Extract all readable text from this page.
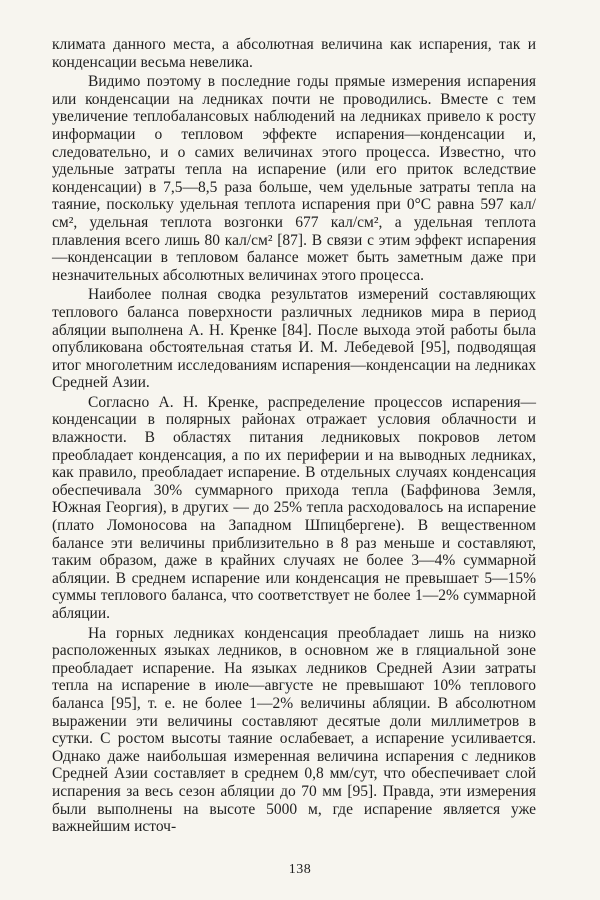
климата данного места, а абсолютная величина как испарения, так и конденсации весьма невелика.

Видимо поэтому в последние годы прямые измерения испарения или конденсации на ледниках почти не проводились. Вместе с тем увеличение теплобалансовых наблюдений на ледниках привело к росту информации о тепловом эффекте испарения—конденсации и, следовательно, и о самих величинах этого процесса. Известно, что удельные затраты тепла на испарение (или его приток вследствие конденсации) в 7,5—8,5 раза больше, чем удельные затраты тепла на таяние, поскольку удельная теплота испарения при 0°С равна 597 кал/см², удельная теплота возгонки 677 кал/см², а удельная теплота плавления всего лишь 80 кал/см² [87]. В связи с этим эффект испарения—конденсации в тепловом балансе может быть заметным даже при незначительных абсолютных величинах этого процесса.

Наиболее полная сводка результатов измерений составляющих теплового баланса поверхности различных ледников мира в период абляции выполнена А. Н. Кренке [84]. После выхода этой работы была опубликована обстоятельная статья И. М. Лебедевой [95], подводящая итог многолетним исследованиям испарения—конденсации на ледниках Средней Азии.

Согласно А. Н. Кренке, распределение процессов испарения—конденсации в полярных районах отражает условия облачности и влажности. В областях питания ледниковых покровов летом преобладает конденсация, а по их периферии и на выводных ледниках, как правило, преобладает испарение. В отдельных случаях конденсация обеспечивала 30% суммарного прихода тепла (Баффинова Земля, Южная Георгия), в других — до 25% тепла расходовалось на испарение (плато Ломоносова на Западном Шпицбергене). В вещественном балансе эти величины приблизительно в 8 раз меньше и составляют, таким образом, даже в крайних случаях не более 3—4% суммарной абляции. В среднем испарение или конденсация не превышает 5—15% суммы теплового баланса, что соответствует не более 1—2% суммарной абляции.

На горных ледниках конденсация преобладает лишь на низко расположенных языках ледников, в основном же в гляциальной зоне преобладает испарение. На языках ледников Средней Азии затраты тепла на испарение в июле—августе не превышают 10% теплового баланса [95], т. е. не более 1—2% величины абляции. В абсолютном выражении эти величины составляют десятые доли миллиметров в сутки. С ростом высоты таяние ослабевает, а испарение усиливается. Однако даже наибольшая измеренная величина испарения с ледников Средней Азии составляет в среднем 0,8 мм/сут, что обеспечивает слой испарения за весь сезон абляции до 70 мм [95]. Правда, эти измерения были выполнены на высоте 5000 м, где испарение является уже важнейшим источ-

138
